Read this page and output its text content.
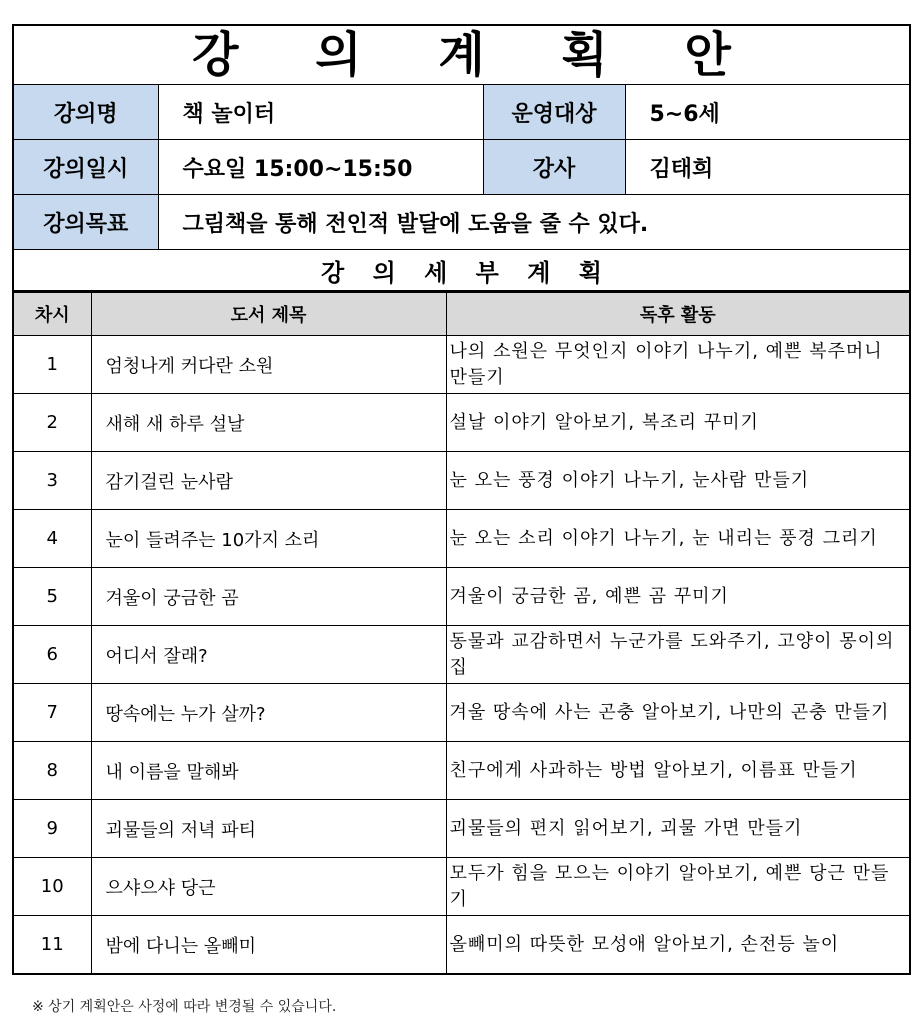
강 의 계 획 안			
강의명	책 놀이터	운영대상	5~6세
강의일시	수요일 15:00~15:50	강사	김태희
강의목표	그림책을 통해 전인적 발달에 도움을 줄 수 있다.		
강 의 세 부 계 획			
차시	도서 제목	독후 활동
1	엄청나게 커다란 소원	나의 소원은 무엇인지 이야기 나누기, 예쁜 복주머니 만들기
2	새해 새 하루 설날	설날 이야기 알아보기, 복조리 꾸미기
3	감기걸린 눈사람	눈 오는 풍경 이야기 나누기, 눈사람 만들기
4	눈이 들려주는 10가지 소리	눈 오는 소리 이야기 나누기, 눈 내리는 풍경 그리기
5	겨울이 궁금한 곰	겨울이 궁금한 곰, 예쁜 곰 꾸미기
6	어디서 잘래?	동물과 교감하면서 누군가를 도와주기, 고양이 몽이의 집
7	땅속에는 누가 살까?	겨울 땅속에 사는 곤충 알아보기, 나만의 곤충 만들기
8	내 이름을 말해봐	친구에게 사과하는 방법 알아보기, 이름표 만들기
9	괴물들의 저녁 파티	괴물들의 편지 읽어보기, 괴물 가면 만들기
10	으샤으샤 당근	모두가 힘을 모으는 이야기 알아보기, 예쁜 당근 만들기
11	밤에 다니는 올빼미	올빼미의 따뜻한 모성애 알아보기, 손전등 놀이
※ 상기 계획안은 사정에 따라 변경될 수 있습니다.
